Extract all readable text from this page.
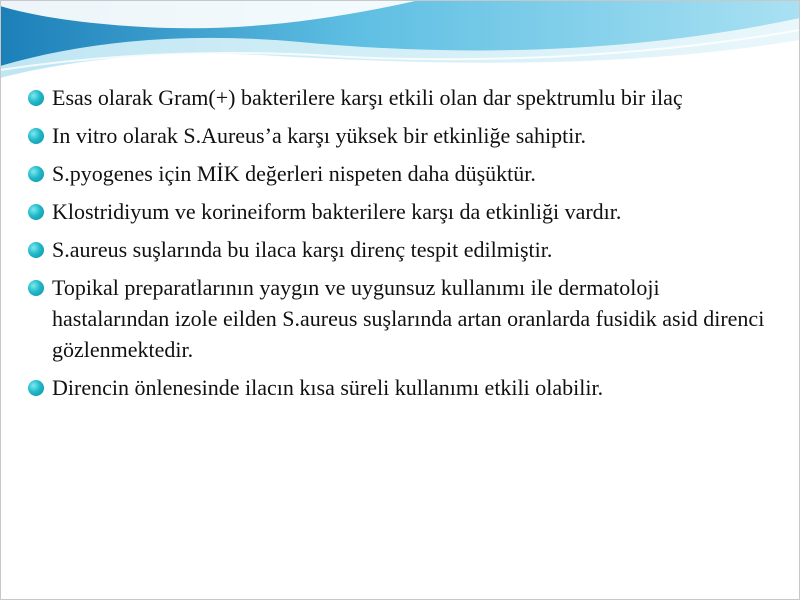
Esas olarak Gram(+) bakterilere karşı etkili olan dar spektrumlu bir ilaç
In vitro olarak S.Aureus’a karşı yüksek bir etkinliğe sahiptir.
S.pyogenes için MİK değerleri nispeten daha düşüktür.
Klostridiyum ve korineiform bakterilere karşı da etkinliği vardır.
S.aureus suşlarında bu ilaca karşı direnç tespit edilmiştir.
Topikal preparatlarının yaygın ve uygunsuz kullanımı ile dermatoloji hastalarından izole eilden S.aureus suşlarında artan oranlarda fusidik asid direnci gözlenmektedir.
Direncin önlenesinde ilacın kısa süreli kullanımı etkili olabilir.
